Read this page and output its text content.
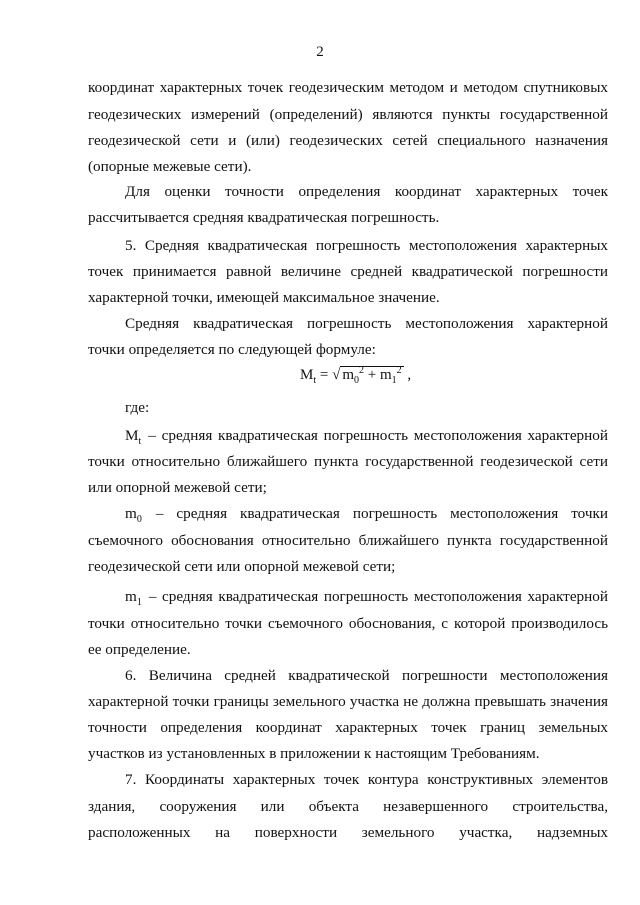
2
координат характерных точек геодезическим методом и методом спутниковых
геодезических измерений (определений) являются пункты государственной
геодезической сети и (или) геодезических сетей специального назначения
(опорные межевые сети).
Для оценки точности определения координат характерных точек
рассчитывается средняя квадратическая погрешность.
5. Средняя квадратическая погрешность местоположения характерных
точек принимается равной величине средней квадратической погрешности
характерной точки, имеющей максимальное значение.
Средняя квадратическая погрешность местоположения характерной
точки определяется по следующей формуле:
$M_t$ = √ $m_0^2 + m_1^2$ ,
где:
$M_t$ – средняя квадратическая погрешность местоположения характерной
точки относительно ближайшего пункта государственной геодезической сети
или опорной межевой сети;
$m_0$ – средняя квадратическая погрешность местоположения точки
съемочного обоснования относительно ближайшего пункта государственной
геодезической сети или опорной межевой сети;
$m_1$ – средняя квадратическая погрешность местоположения характерной
точки относительно точки съемочного обоснования, с которой производилось
ее определение.
6. Величина средней квадратической погрешности местоположения
характерной точки границы земельного участка не должна превышать значения
точности определения координат характерных точек границ земельных
участков из установленных в приложении к настоящим Требованиям.
7. Координаты характерных точек контура конструктивных элементов
здания, сооружения или объекта незавершенного строительства,
расположенных на поверхности земельного участка, надземных
